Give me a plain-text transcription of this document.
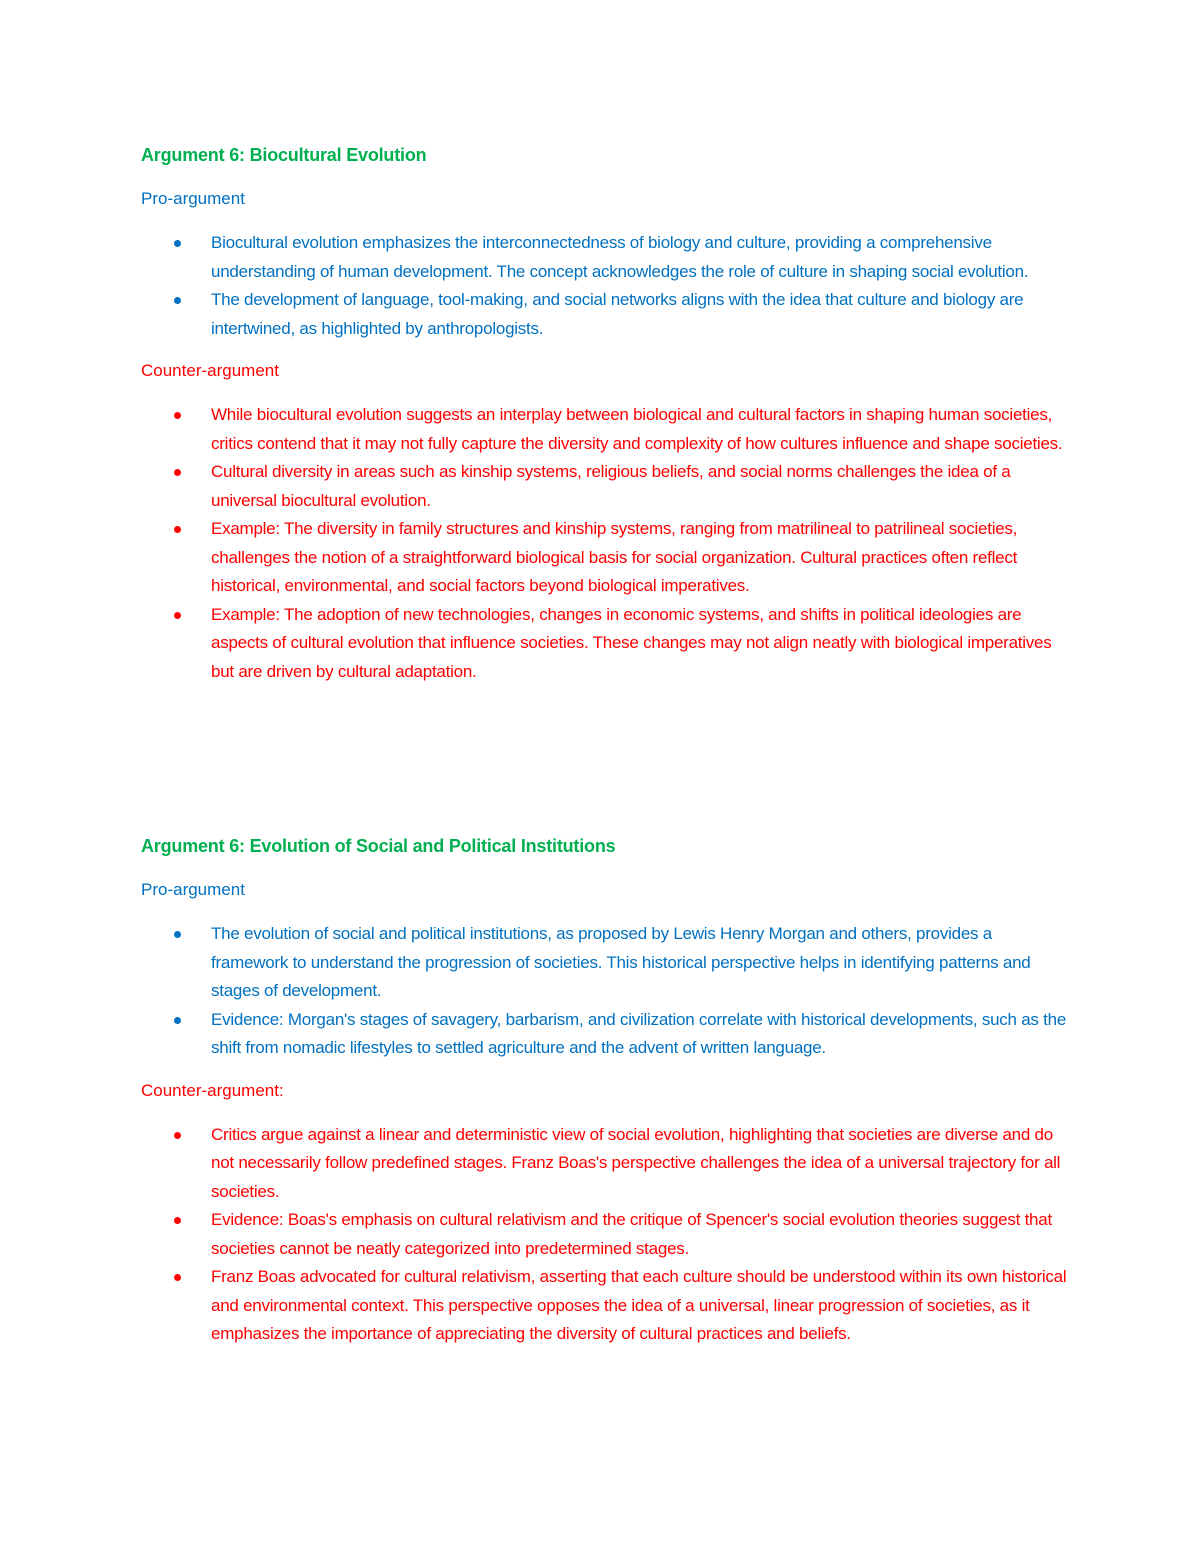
Argument 6: Biocultural Evolution

Pro-argument

Biocultural evolution emphasizes the interconnectedness of biology and culture, providing a comprehensive understanding of human development. The concept acknowledges the role of culture in shaping social evolution.
The development of language, tool-making, and social networks aligns with the idea that culture and biology are intertwined, as highlighted by anthropologists.

Counter-argument

While biocultural evolution suggests an interplay between biological and cultural factors in shaping human societies, critics contend that it may not fully capture the diversity and complexity of how cultures influence and shape societies.
Cultural diversity in areas such as kinship systems, religious beliefs, and social norms challenges the idea of a universal biocultural evolution.
Example: The diversity in family structures and kinship systems, ranging from matrilineal to patrilineal societies, challenges the notion of a straightforward biological basis for social organization. Cultural practices often reflect historical, environmental, and social factors beyond biological imperatives.
Example: The adoption of new technologies, changes in economic systems, and shifts in political ideologies are aspects of cultural evolution that influence societies. These changes may not align neatly with biological imperatives but are driven by cultural adaptation.
Argument 6: Evolution of Social and Political Institutions

Pro-argument

The evolution of social and political institutions, as proposed by Lewis Henry Morgan and others, provides a framework to understand the progression of societies. This historical perspective helps in identifying patterns and stages of development.
Evidence: Morgan's stages of savagery, barbarism, and civilization correlate with historical developments, such as the shift from nomadic lifestyles to settled agriculture and the advent of written language.

Counter-argument:

Critics argue against a linear and deterministic view of social evolution, highlighting that societies are diverse and do not necessarily follow predefined stages. Franz Boas's perspective challenges the idea of a universal trajectory for all societies.
Evidence: Boas's emphasis on cultural relativism and the critique of Spencer's social evolution theories suggest that societies cannot be neatly categorized into predetermined stages.
Franz Boas advocated for cultural relativism, asserting that each culture should be understood within its own historical and environmental context. This perspective opposes the idea of a universal, linear progression of societies, as it emphasizes the importance of appreciating the diversity of cultural practices and beliefs.
